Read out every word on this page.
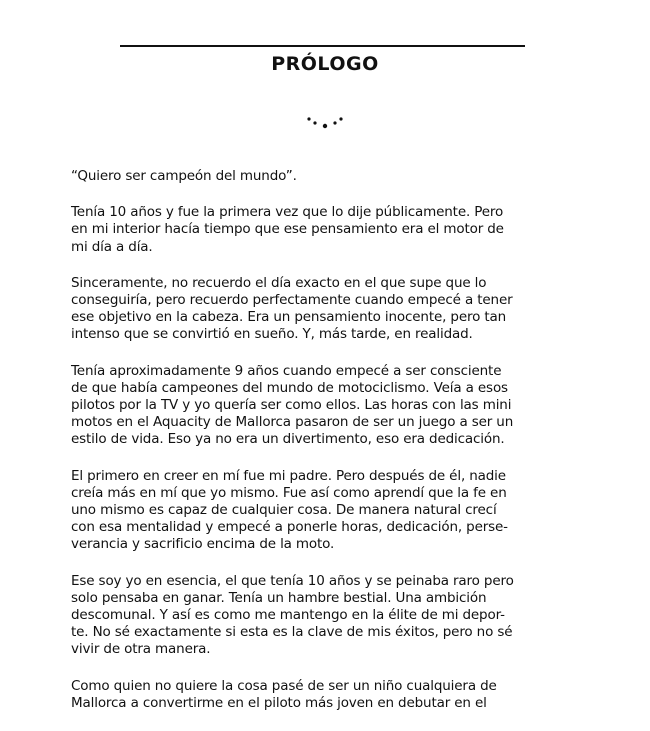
PRÓLOGO

“Quiero ser campeón del mundo”.

Tenía 10 años y fue la primera vez que lo dije públicamente. Pero
en mi interior hacía tiempo que ese pensamiento era el motor de
mi día a día.

Sinceramente, no recuerdo el día exacto en el que supe que lo
conseguiría, pero recuerdo perfectamente cuando empecé a tener
ese objetivo en la cabeza. Era un pensamiento inocente, pero tan
intenso que se convirtió en sueño. Y, más tarde, en realidad.

Tenía aproximadamente 9 años cuando empecé a ser consciente
de que había campeones del mundo de motociclismo. Veía a esos
pilotos por la TV y yo quería ser como ellos. Las horas con las mini
motos en el Aquacity de Mallorca pasaron de ser un juego a ser un
estilo de vida. Eso ya no era un divertimento, eso era dedicación.

El primero en creer en mí fue mi padre. Pero después de él, nadie
creía más en mí que yo mismo. Fue así como aprendí que la fe en
uno mismo es capaz de cualquier cosa. De manera natural crecí
con esa mentalidad y empecé a ponerle horas, dedicación, perse-
verancia y sacrificio encima de la moto.

Ese soy yo en esencia, el que tenía 10 años y se peinaba raro pero
solo pensaba en ganar. Tenía un hambre bestial. Una ambición
descomunal. Y así es como me mantengo en la élite de mi depor-
te. No sé exactamente si esta es la clave de mis éxitos, pero no sé
vivir de otra manera.

Como quien no quiere la cosa pasé de ser un niño cualquiera de
Mallorca a convertirme en el piloto más joven en debutar en el
